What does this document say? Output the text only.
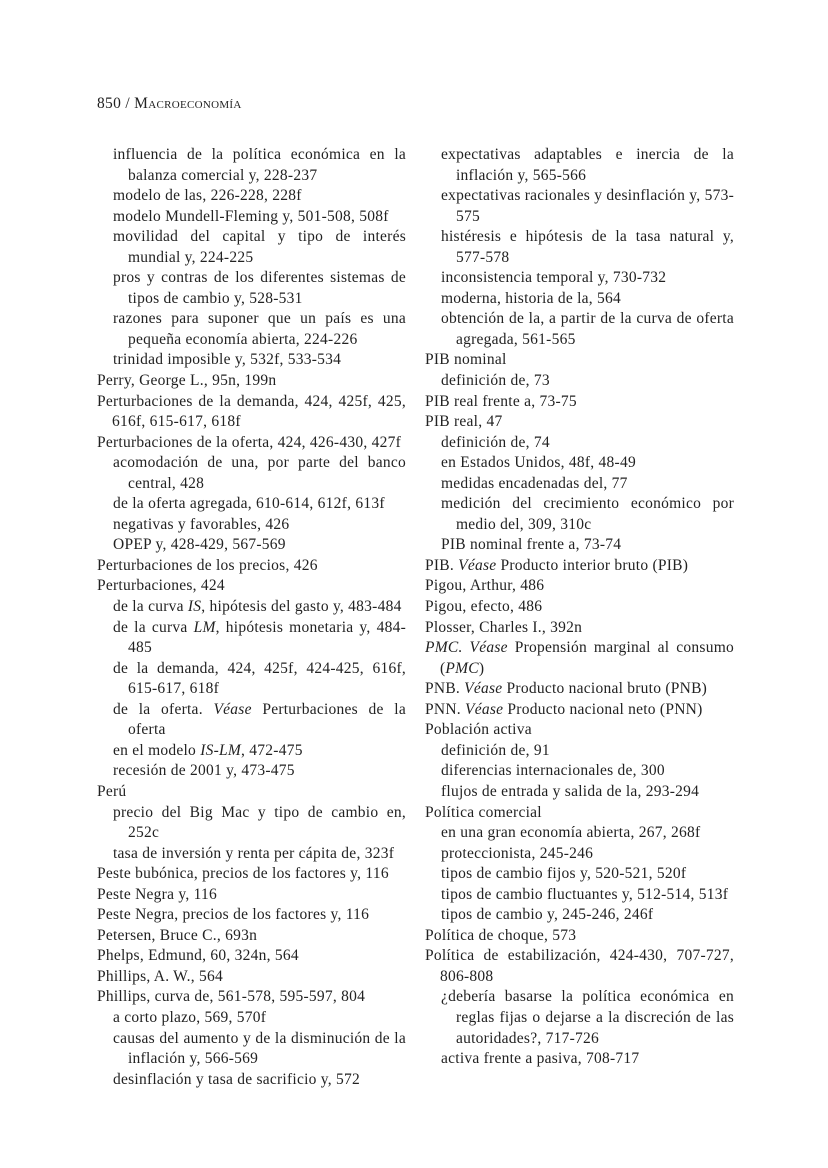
850 / Macroeconomía
influencia de la política económica en la balanza comercial y, 228-237
modelo de las, 226-228, 228f
modelo Mundell-Fleming y, 501-508, 508f
movilidad del capital y tipo de interés mundial y, 224-225
pros y contras de los diferentes sistemas de tipos de cambio y, 528-531
razones para suponer que un país es una pequeña economía abierta, 224-226
trinidad imposible y, 532f, 533-534
Perry, George L., 95n, 199n
Perturbaciones de la demanda, 424, 425f, 425, 616f, 615-617, 618f
Perturbaciones de la oferta, 424, 426-430, 427f
acomodación de una, por parte del banco central, 428
de la oferta agregada, 610-614, 612f, 613f
negativas y favorables, 426
OPEP y, 428-429, 567-569
Perturbaciones de los precios, 426
Perturbaciones, 424
de la curva IS, hipótesis del gasto y, 483-484
de la curva LM, hipótesis monetaria y, 484-485
de la demanda, 424, 425f, 424-425, 616f, 615-617, 618f
de la oferta. Véase Perturbaciones de la oferta
en el modelo IS-LM, 472-475
recesión de 2001 y, 473-475
Perú
precio del Big Mac y tipo de cambio en, 252c
tasa de inversión y renta per cápita de, 323f
Peste bubónica, precios de los factores y, 116
Peste Negra y, 116
Peste Negra, precios de los factores y, 116
Petersen, Bruce C., 693n
Phelps, Edmund, 60, 324n, 564
Phillips, A. W., 564
Phillips, curva de, 561-578, 595-597, 804
a corto plazo, 569, 570f
causas del aumento y de la disminución de la inflación y, 566-569
desinflación y tasa de sacrificio y, 572
expectativas adaptables e inercia de la inflación y, 565-566
expectativas racionales y desinflación y, 573-575
histéresis e hipótesis de la tasa natural y, 577-578
inconsistencia temporal y, 730-732
moderna, historia de la, 564
obtención de la, a partir de la curva de oferta agregada, 561-565
PIB nominal
definición de, 73
PIB real frente a, 73-75
PIB real, 47
definición de, 74
en Estados Unidos, 48f, 48-49
medidas encadenadas del, 77
medición del crecimiento económico por medio del, 309, 310c
PIB nominal frente a, 73-74
PIB. Véase Producto interior bruto (PIB)
Pigou, Arthur, 486
Pigou, efecto, 486
Plosser, Charles I., 392n
PMC. Véase Propensión marginal al consumo (PMC)
PNB. Véase Producto nacional bruto (PNB)
PNN. Véase Producto nacional neto (PNN)
Población activa
definición de, 91
diferencias internacionales de, 300
flujos de entrada y salida de la, 293-294
Política comercial
en una gran economía abierta, 267, 268f
proteccionista, 245-246
tipos de cambio fijos y, 520-521, 520f
tipos de cambio fluctuantes y, 512-514, 513f
tipos de cambio y, 245-246, 246f
Política de choque, 573
Política de estabilización, 424-430, 707-727, 806-808
¿debería basarse la política económica en reglas fijas o dejarse a la discreción de las autoridades?, 717-726
activa frente a pasiva, 708-717
